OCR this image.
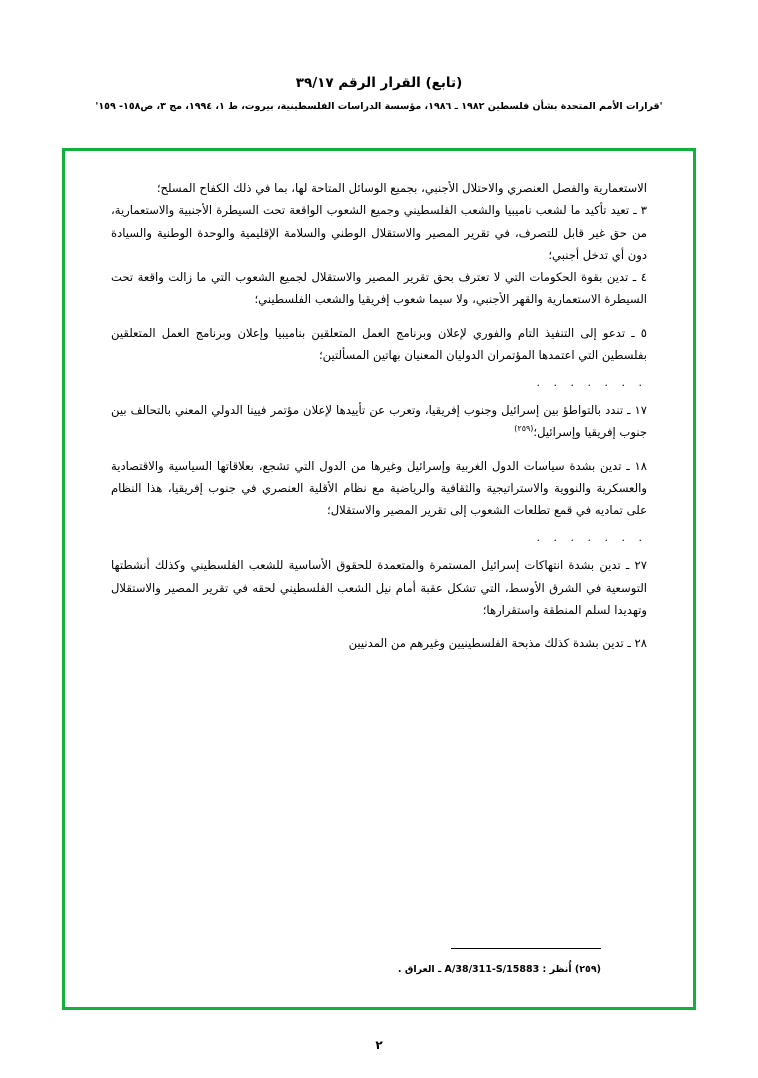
(تابع) القرار الرقم ٣٩/١٧
'قرارات الأمم المتحدة بشأن فلسطين ١٩٨٢ ـ ١٩٨٦، مؤسسة الدراسات الفلسطينية، بيروت، ط ١، ١٩٩٤، مج ٣، ص١٥٨- ١٥٩'

الاستعمارية والفصل العنصري والاحتلال الأجنبي، بجميع الوسائل المتاحة لها، بما في ذلك الكفاح المسلح؛

٣ ـ تعيد تأكيد ما لشعب ناميبيا والشعب الفلسطيني وجميع الشعوب الواقعة تحت السيطرة الأجنبية والاستعمارية، من حق غير قابل للتصرف، في تقرير المصير والاستقلال الوطني والسلامة الإقليمية والوحدة الوطنية والسيادة دون أي تدخل أجنبي؛

٤ ـ تدين بقوة الحكومات التي لا تعترف بحق تقرير المصير والاستقلال لجميع الشعوب التي ما زالت واقعة تحت السيطرة الاستعمارية والقهر الأجنبي، ولا سيما شعوب إفريقيا والشعب الفلسطيني؛

٥ ـ تدعو إلى التنفيذ التام والفوري لإعلان وبرنامج العمل المتعلقين بناميبيا وإعلان وبرنامج العمل المتعلقين بفلسطين التي اعتمدها المؤتمران الدوليان المعنيان بهاتين المسألتين؛

. . . . . . .

١٧ ـ تندد بالتواطؤ بين إسرائيل وجنوب إفريقيا، وتعرب عن تأييدها لإعلان مؤتمر فيينا الدولي المعني بالتحالف بين جنوب إفريقيا وإسرائيل؛$^{(٢٥٩)}$

١٨ ـ تدين بشدة سياسات الدول الغربية وإسرائيل وغيرها من الدول التي تشجع، بعلاقاتها السياسية والاقتصادية والعسكرية والنووية والاستراتيجية والثقافية والرياضية مع نظام الأقلية العنصري في جنوب إفريقيا، هذا النظام على تماديه في قمع تطلعات الشعوب إلى تقرير المصير والاستقلال؛

. . . . . . .

٢٧ ـ تدين بشدة انتهاكات إسرائيل المستمرة والمتعمدة للحقوق الأساسية للشعب الفلسطيني وكذلك أنشطتها التوسعية في الشرق الأوسط، التي تشكل عقبة أمام نيل الشعب الفلسطيني لحقه في تقرير المصير والاستقلال وتهديدا لسلم المنطقة واستقرارها؛

٢٨ ـ تدين بشدة كذلك مذبحة الفلسطينيين وغيرهم من المدنيين

(٢٥٩) أُنظر : A/38/311-S/15883 ـ العراق .
٢
